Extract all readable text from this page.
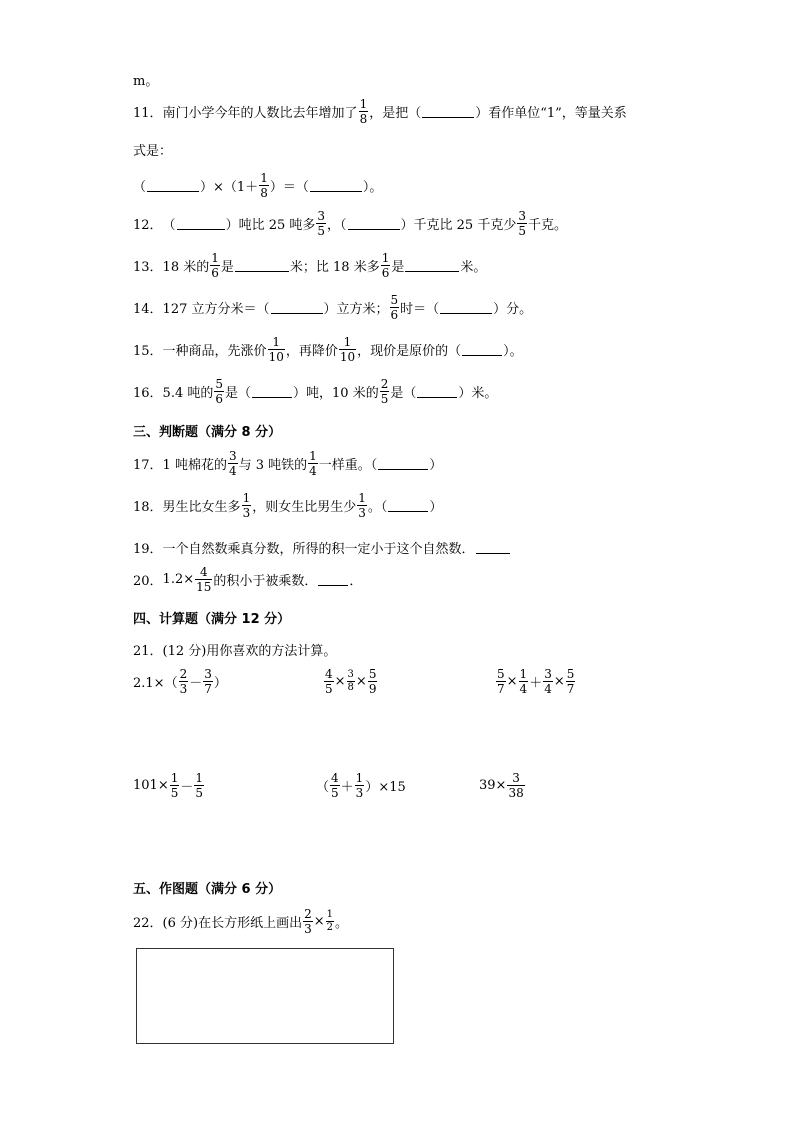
m。
11． 南门小学今年的人数比去年增加了 $\frac{1}{8}$ ，是把（	）看作单位“1”，等量关系
式是：
（	）$\times(1+ \frac{1}{8}$ ）＝（	）。
12． （	）吨比 25 吨多 $\frac{3}{5}$ ，（	）千克比 25 千克少 $\frac{3}{5}$ 千克。
13． 18 米的 $\frac{1}{6}$ 是	米；比 18 米多 $\frac{1}{6}$ 是	米。
14． 127 立方分米＝（	）立方米； $\frac{5}{6}$ 时＝（	）分。
15． 一种商品，先涨价 $\frac{1}{10}$ ，再降价 $\frac{1}{10}$ ，现价是原价的（	）。
16． 5.4 吨的 $\frac{5}{6}$ 是（	）吨，10 米的 $\frac{2}{5}$ 是（	）米。
三、判断题（满分 8 分）
17． 1 吨棉花的 $\frac{3}{4}$ 与 3 吨铁的 $\frac{1}{4}$ 一样重。（	）
18． 男生比女生多 $\frac{1}{3}$ ，则女生比男生少 $\frac{1}{3}$ 。（	）
19． 一个自然数乘真分数，所得的积一定小于这个自然数．
20． $1.2\times \frac{4}{15}$ 的积小于被乘数． ．
四、计算题（满分 12 分）
21． (12 分)用你喜欢的方法计算。
$2.1\times( \frac{2}{3} - \frac{3}{7}$ ）	$\frac{4}{5} \times \frac{3}{8} \times \frac{5}{9}$	$\frac{5}{7} \times \frac{1}{4} + \frac{3}{4} \times \frac{5}{7}$
$101\times \frac{1}{5} - \frac{1}{5}$	（ $\frac{4}{5} + \frac{1}{3} )\times 15$	$39\times \frac{3}{38}$
五、作图题（满分 6 分）
22． (6 分)在长方形纸上画出 $\frac{2}{3} \times \frac{1}{2}$ 。
